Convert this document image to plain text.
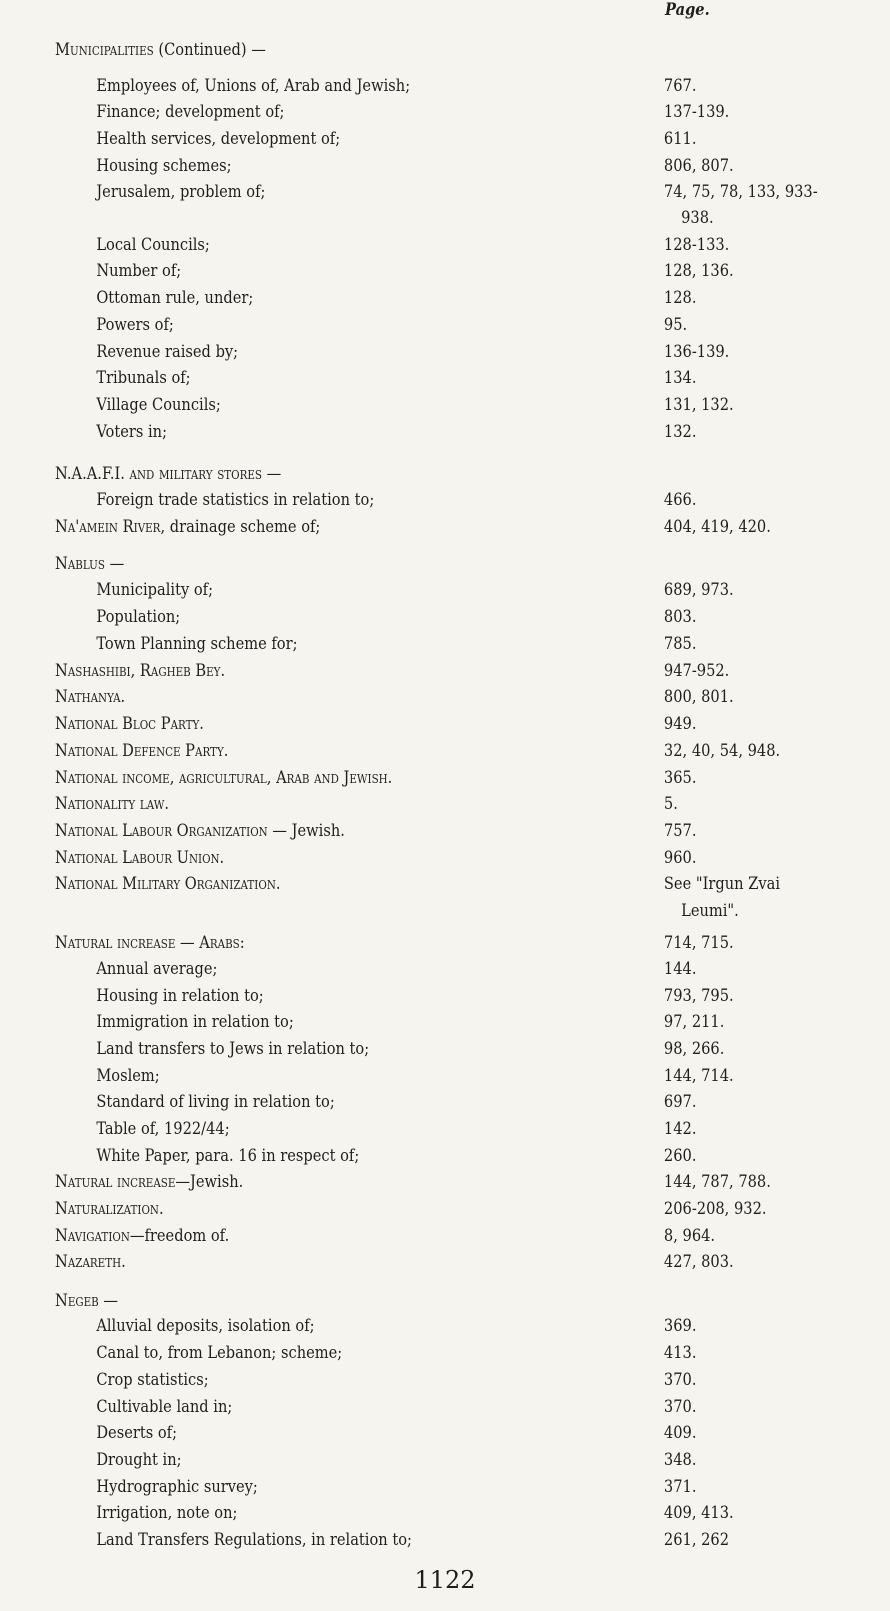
Page.
Municipalities (Continued) —
Employees of, Unions of, Arab and Jewish;	767.
Finance; development of;	137-139.
Health services, development of;	611.
Housing schemes;	806, 807.
Jerusalem, problem of;	74, 75, 78, 133, 933-
938.
Local Councils;	128-133.
Number of;	128, 136.
Ottoman rule, under;	128.
Powers of;	95.
Revenue raised by;	136-139.
Tribunals of;	134.
Village Councils;	131, 132.
Voters in;	132.
N.A.A.F.I. and military stores —
Foreign trade statistics in relation to;	466.
Na'amein River, drainage scheme of;	404, 419, 420.
Nablus —
Municipality of;	689, 973.
Population;	803.
Town Planning scheme for;	785.
Nashashibi, Ragheb Bey.	947-952.
Nathanya.	800, 801.
National Bloc Party.	949.
National Defence Party.	32, 40, 54, 948.
National income, agricultural, Arab and Jewish.	365.
Nationality law.	5.
National Labour Organization — Jewish.	757.
National Labour Union.	960.
National Military Organization.	See "Irgun Zvai
Leumi".
Natural increase — Arabs:	714, 715.
Annual average;	144.
Housing in relation to;	793, 795.
Immigration in relation to;	97, 211.
Land transfers to Jews in relation to;	98, 266.
Moslem;	144, 714.
Standard of living in relation to;	697.
Table of, 1922/44;	142.
White Paper, para. 16 in respect of;	260.
Natural increase—Jewish.	144, 787, 788.
Naturalization.	206-208, 932.
Navigation—freedom of.	8, 964.
Nazareth.	427, 803.
Negeb —
Alluvial deposits, isolation of;	369.
Canal to, from Lebanon; scheme;	413.
Crop statistics;	370.
Cultivable land in;	370.
Deserts of;	409.
Drought in;	348.
Hydrographic survey;	371.
Irrigation, note on;	409, 413.
Land Transfers Regulations, in relation to;	261, 262
1122
